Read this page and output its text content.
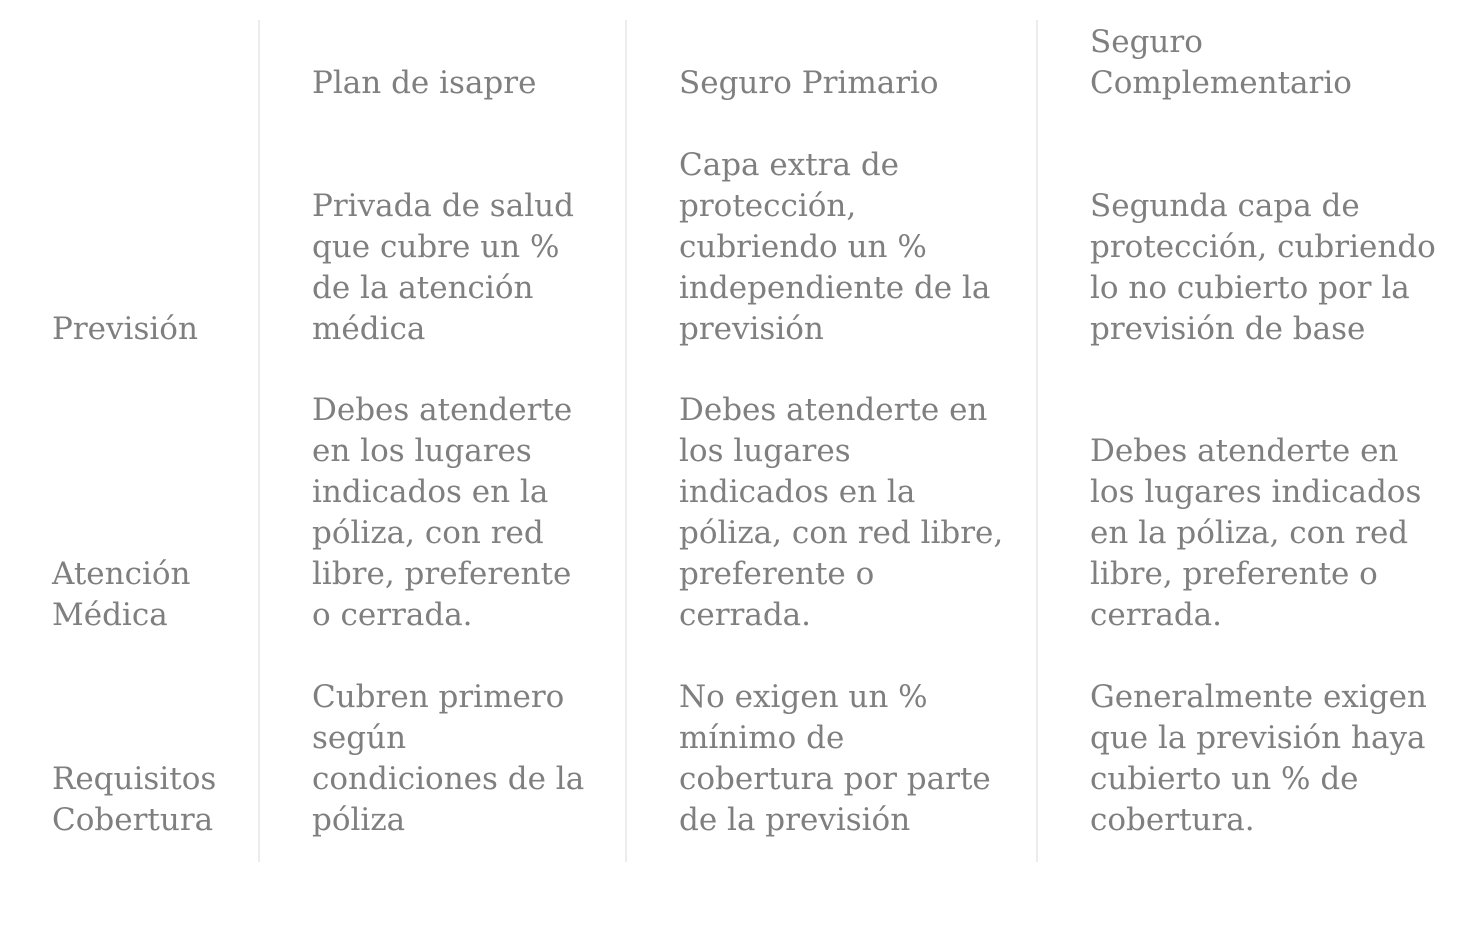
Plan de isapre	Seguro Primario
Seguro
Complementario
Previsión
Privada de salud
que cubre un %
de la atención
médica
Capa extra de
protección,
cubriendo un %
independiente de la
previsión
Segunda capa de
protección, cubriendo
lo no cubierto por la
previsión de base
Atención
Médica
Debes atenderte
en los lugares
indicados en la
póliza, con red
libre, preferente
o cerrada.
Debes atenderte en
los lugares
indicados en la
póliza, con red libre,
preferente o
cerrada.
Debes atenderte en
los lugares indicados
en la póliza, con red
libre, preferente o
cerrada.
Requisitos
Cobertura
Cubren primero
según
condiciones de la
póliza
No exigen un %
mínimo de
cobertura por parte
de la previsión
Generalmente exigen
que la previsión haya
cubierto un % de
cobertura.
